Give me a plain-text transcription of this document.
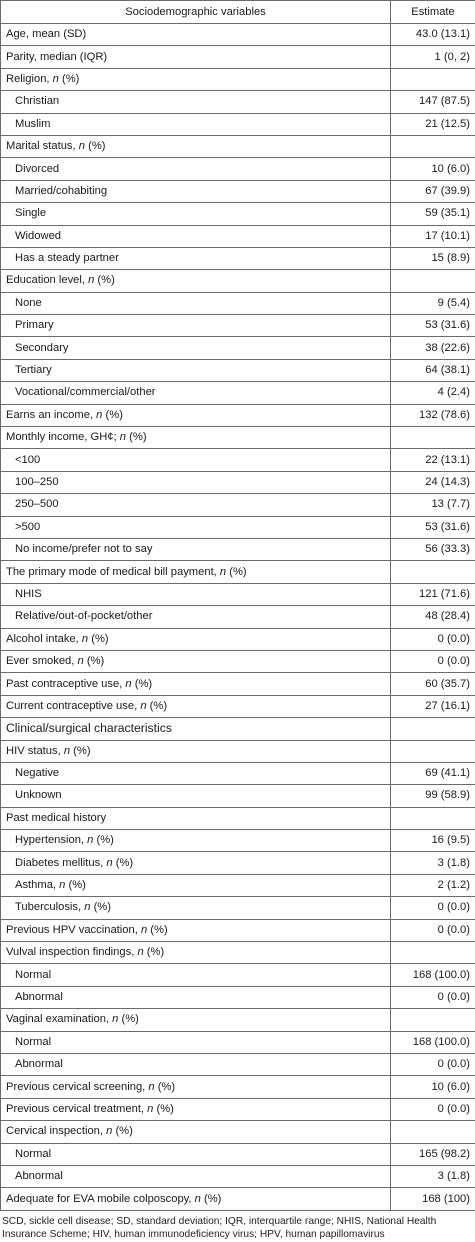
Sociodemographic variables	Estimate
Age, mean (SD)	43.0 (13.1)
Parity, median (IQR)	1 (0, 2)
Religion, n (%)	
Christian	147 (87.5)
Muslim	21 (12.5)
Marital status, n (%)	
Divorced	10 (6.0)
Married/cohabiting	67 (39.9)
Single	59 (35.1)
Widowed	17 (10.1)
Has a steady partner	15 (8.9)
Education level, n (%)	
None	9 (5.4)
Primary	53 (31.6)
Secondary	38 (22.6)
Tertiary	64 (38.1)
Vocational/commercial/other	4 (2.4)
Earns an income, n (%)	132 (78.6)
Monthly income, GH¢; n (%)	
<100	22 (13.1)
100–250	24 (14.3)
250–500	13 (7.7)
>500	53 (31.6)
No income/prefer not to say	56 (33.3)
The primary mode of medical bill payment, n (%)	
NHIS	121 (71.6)
Relative/out-of-pocket/other	48 (28.4)
Alcohol intake, n (%)	0 (0.0)
Ever smoked, n (%)	0 (0.0)
Past contraceptive use, n (%)	60 (35.7)
Current contraceptive use, n (%)	27 (16.1)
Clinical/surgical characteristics	
HIV status, n (%)	
Negative	69 (41.1)
Unknown	99 (58.9)
Past medical history	
Hypertension, n (%)	16 (9.5)
Diabetes mellitus, n (%)	3 (1.8)
Asthma, n (%)	2 (1.2)
Tuberculosis, n (%)	0 (0.0)
Previous HPV vaccination, n (%)	0 (0.0)
Vulval inspection findings, n (%)	
Normal	168 (100.0)
Abnormal	0 (0.0)
Vaginal examination, n (%)	
Normal	168 (100.0)
Abnormal	0 (0.0)
Previous cervical screening, n (%)	10 (6.0)
Previous cervical treatment, n (%)	0 (0.0)
Cervical inspection, n (%)	
Normal	165 (98.2)
Abnormal	3 (1.8)
Adequate for EVA mobile colposcopy, n (%)	168 (100)
SCD, sickle cell disease; SD, standard deviation; IQR, interquartile range; NHIS, National Health Insurance Scheme; HIV, human immunodeficiency virus; HPV, human papillomavirus
